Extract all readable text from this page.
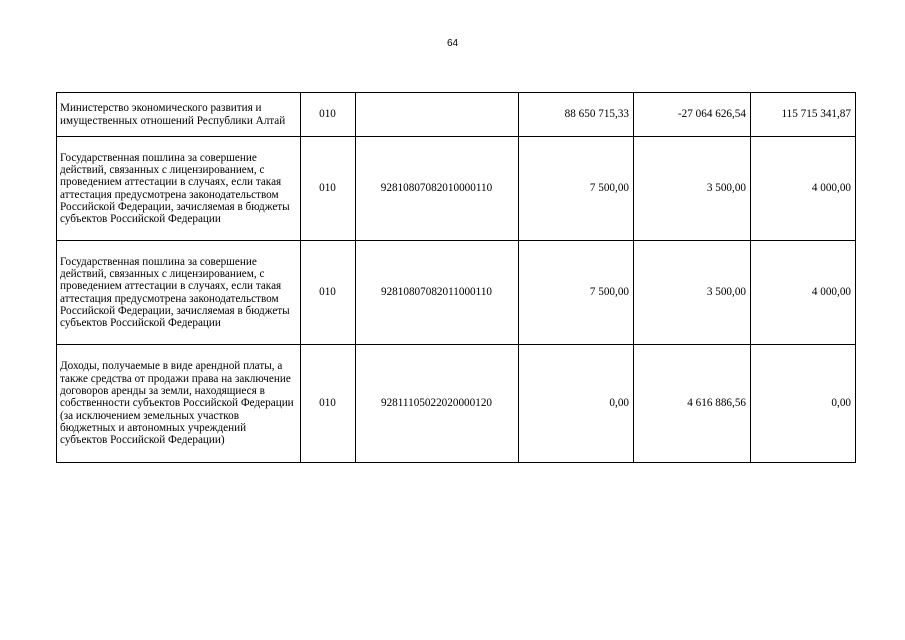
64
Министерство экономического развития и имущественных отношений Республики Алтай	010		88 650 715,33	-27 064 626,54	115 715 341,87
Государственная пошлина за совершение действий, связанных с лицензированием, с проведением аттестации в случаях, если такая аттестация предусмотрена законодательством Российской Федерации, зачисляемая в бюджеты субъектов Российской Федерации	010	92810807082010000110	7 500,00	3 500,00	4 000,00
Государственная пошлина за совершение действий, связанных с лицензированием, с проведением аттестации в случаях, если такая аттестация предусмотрена законодательством Российской Федерации, зачисляемая в бюджеты субъектов Российской Федерации	010	92810807082011000110	7 500,00	3 500,00	4 000,00
Доходы, получаемые в виде арендной платы, а также средства от продажи права на заключение договоров аренды за земли, находящиеся в собственности субъектов Российской Федерации (за исключением земельных участков бюджетных и автономных учреждений субъектов Российской Федерации)	010	92811105022020000120	0,00	4 616 886,56	0,00
